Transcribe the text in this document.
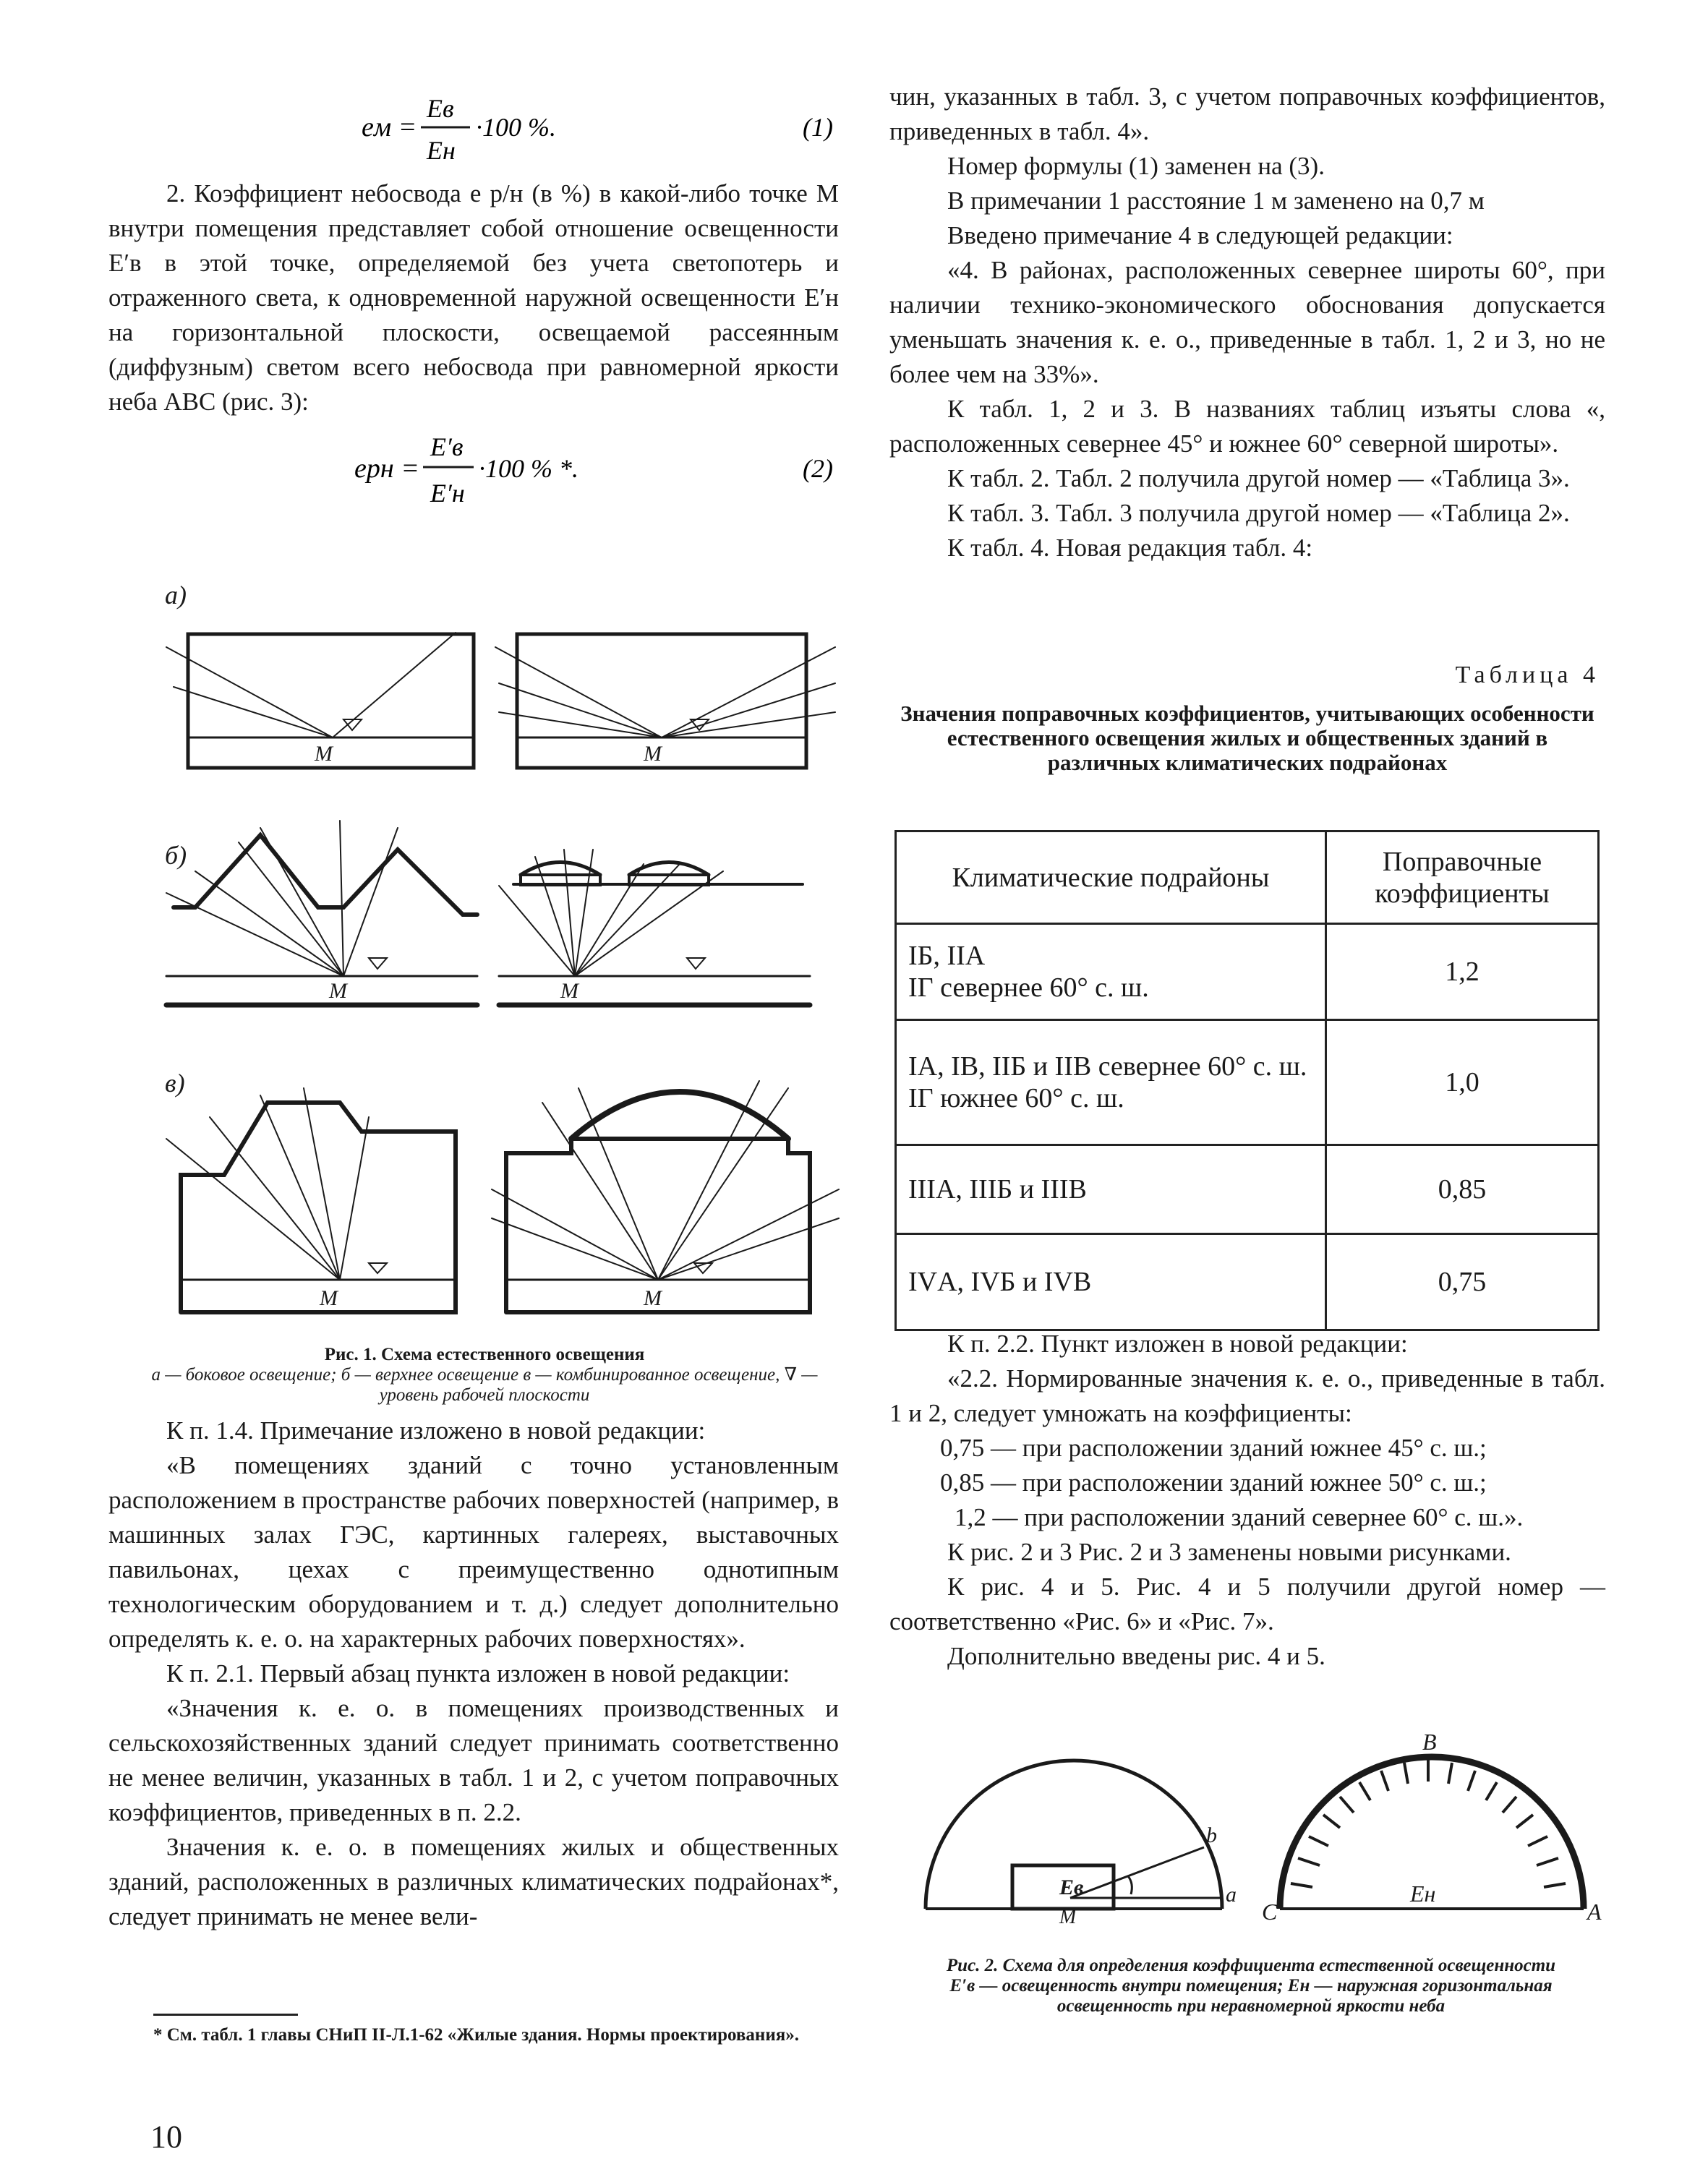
eм =
Eв
Eн
·100 %.	(1)

2. Коэффициент небосвода e р/н (в %) в какой-либо точке M внутри помещения представляет собой отношение освещенности E′в в этой точке, определяемой без учета светопотерь и отраженного света, к одновременной наружной освещенности E′н на горизонтальной плоскости, освещаемой рассеянным (диффузным) светом всего небосвода при равномерной яркости неба ABC (рис. 3):

eрн =
E′в
E′н
·100 % *.	(2)
a)
M	M
б)
M	M
в)
M	M
Рис. 1. Схема естественного освещения
а — боковое освещение; б — верхнее освещение в — комбинированное освещение, ∇ — уровень рабочей плоскости

К п. 1.4. Примечание изложено в новой редакции:

«В помещениях зданий с точно установленным расположением в пространстве рабочих поверхностей (например, в машинных залах ГЭС, картинных галереях, выставочных павильонах, цехах с преимущественно однотипным технологическим оборудованием и т. д.) следует дополнительно определять к. е. о. на характерных рабочих поверхностях».

К п. 2.1. Первый абзац пункта изложен в новой редакции:

«Значения к. е. о. в помещениях производственных и сельскохозяйственных зданий следует принимать соответственно не менее величин, указанных в табл. 1 и 2, с учетом поправочных коэффициентов, приведенных в п. 2.2.

Значения к. е. о. в помещениях жилых и общественных зданий, расположенных в различных климатических подрайонах*, следует принимать не менее вели-

* См. табл. 1 главы СНиП II-Л.1-62 «Жилые здания. Нормы проектирования».
10

чин, указанных в табл. 3, с учетом поправочных коэффициентов, приведенных в табл. 4».

Номер формулы (1) заменен на (3).

В примечании 1 расстояние 1 м заменено на 0,7 м

Введено примечание 4 в следующей редакции:

«4. В районах, расположенных севернее широты 60°, при наличии технико-экономического обоснования допускается уменьшать значения к. е. о., приведенные в табл. 1, 2 и 3, но не более чем на 33%».

К табл. 1, 2 и 3. В названиях таблиц изъяты слова «, расположенных севернее 45° и южнее 60° северной широты».

К табл. 2. Табл. 2 получила другой номер — «Таблица 3».

К табл. 3. Табл. 3 получила другой номер — «Таблица 2».

К табл. 4. Новая редакция табл. 4:

Таблица 4
Значения поправочных коэффициентов, учитывающих особенности естественного освещения жилых и общественных зданий в различных климатических подрайонах
Климатические подрайоны	Поправочные коэффициенты
IБ, IIА
IГ севернее 60° с. ш.	1,2
IА, IВ, IIБ и IIВ севернее 60° с. ш.
IГ южнее 60° с. ш.	1,0
IIIА, IIIБ и IIIВ	0,85
IVА, IVБ и IVВ	0,75

К п. 2.2. Пункт изложен в новой редакции:

«2.2. Нормированные значения к. е. о., приведенные в табл. 1 и 2, следует умножать на коэффициенты:

0,75 — при расположении зданий южнее 45° с. ш.;

0,85 — при расположении зданий южнее 50° с. ш.;

1,2 — при расположении зданий севернее 60° с. ш.».

К рис. 2 и 3 Рис. 2 и 3 заменены новыми рисунками.

К рис. 4 и 5. Рис. 4 и 5 получили другой номер — соответственно «Рис. 6» и «Рис. 7».

Дополнительно введены рис. 4 и 5.

Eв
M
b
a
B
C	A
Eн
Рис. 2. Схема для определения коэффициента естественной освещенности
E′в — освещенность внутри помещения; Eн — наружная горизонтальная освещенность при неравномерной яркости неба
